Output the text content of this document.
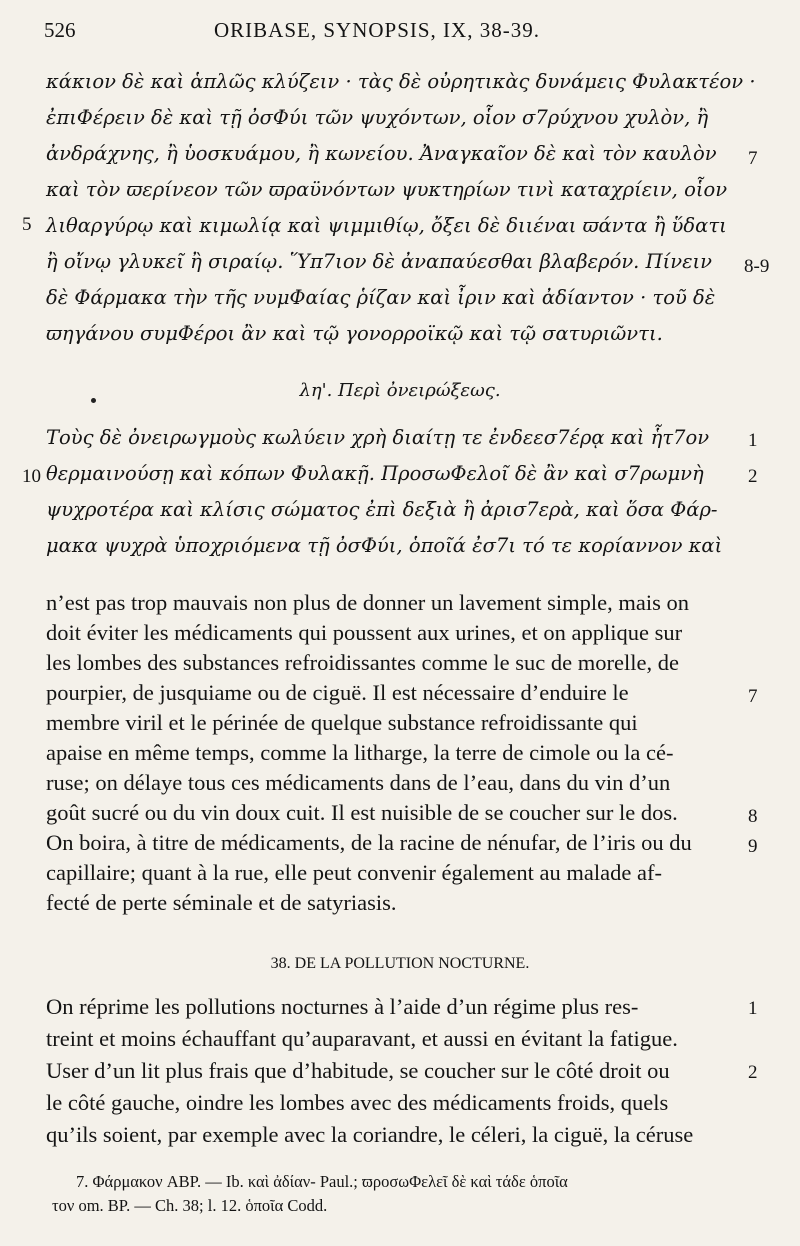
526	ORIBASE, SYNOPSIS, IX, 38-39.
κάκιον δὲ καὶ ἁπλῶς κλύζειν · τὰς δὲ οὐρητικὰς δυνάμεις Φυλακτέον ·
ἐπιΦέρειν δὲ καὶ τῇ ὀσΦύι τῶν ψυχόντων, οἷον σ7ρύχνου χυλὸν, ἢ
ἀνδράχνης, ἢ ὑοσκυάμου, ἢ κωνείου. Ἀναγκαῖον δὲ καὶ τὸν καυλὸν
καὶ τὸν ϖερίνεον τῶν ϖραϋνόντων ψυκτηρίων τινὶ καταχρίειν, οἷον
λιθαργύρῳ καὶ κιμωλίᾳ καὶ ψιμμιθίῳ, ὄξει δὲ διιέναι ϖάντα ἢ ὕδατι
ἢ οἴνῳ γλυκεῖ ἢ σιραίῳ. Ὕπ7ιον δὲ ἀναπαύεσθαι βλαβερόν. Πίνειν
δὲ Φάρμακα τὴν τῆς νυμΦαίας ῥίζαν καὶ ἶριν καὶ ἀδίαντον · τοῦ δὲ
ϖηγάνου συμΦέροι ἂν καὶ τῷ γονορροϊκῷ καὶ τῷ σατυριῶντι.
5
7
8-9
λη'. Περὶ ὀνειρώξεως.
Τοὺς δὲ ὀνειρωγμοὺς κωλύειν χρὴ διαίτῃ τε ἐνδεεσ7έρᾳ καὶ ἧτ7ον
θερμαινούσῃ καὶ κόπων Φυλακῇ. ΠροσωΦελοῖ δὲ ἂν καὶ σ7ρωμνὴ
ψυχροτέρα καὶ κλίσις σώματος ἐπὶ δεξιὰ ἢ ἀρισ7ερὰ, καὶ ὅσα Φάρ-
μακα ψυχρὰ ὑποχριόμενα τῇ ὀσΦύι, ὁποῖά ἐσ7ι τό τε κορίαννον καὶ
10
1
2
n’est pas trop mauvais non plus de donner un lavement simple, mais on
doit éviter les médicaments qui poussent aux urines, et on applique sur
les lombes des substances refroidissantes comme le suc de morelle, de
pourpier, de jusquiame ou de ciguë. Il est nécessaire d’enduire le
membre viril et le périnée de quelque substance refroidissante qui
apaise en même temps, comme la litharge, la terre de cimole ou la cé-
ruse; on délaye tous ces médicaments dans de l’eau, dans du vin d’un
goût sucré ou du vin doux cuit. Il est nuisible de se coucher sur le dos.
On boira, à titre de médicaments, de la racine de nénufar, de l’iris ou du
capillaire; quant à la rue, elle peut convenir également au malade af-
fecté de perte séminale et de satyriasis.
7
8
9
38. DE LA POLLUTION NOCTURNE.
On réprime les pollutions nocturnes à l’aide d’un régime plus res-
treint et moins échauffant qu’auparavant, et aussi en évitant la fatigue.
User d’un lit plus frais que d’habitude, se coucher sur le côté droit ou
le côté gauche, oindre les lombes avec des médicaments froids, quels
qu’ils soient, par exemple avec la coriandre, le céleri, la ciguë, la céruse
1
2
7. Φάρμακον ABP. — Ib. καὶ ἀδίαν- Paul.; ϖροσωΦελεῖ δὲ καὶ τάδε ὁποῖα
τον om. BP. — Ch. 38; l. 12. ὁποῖα Codd.
